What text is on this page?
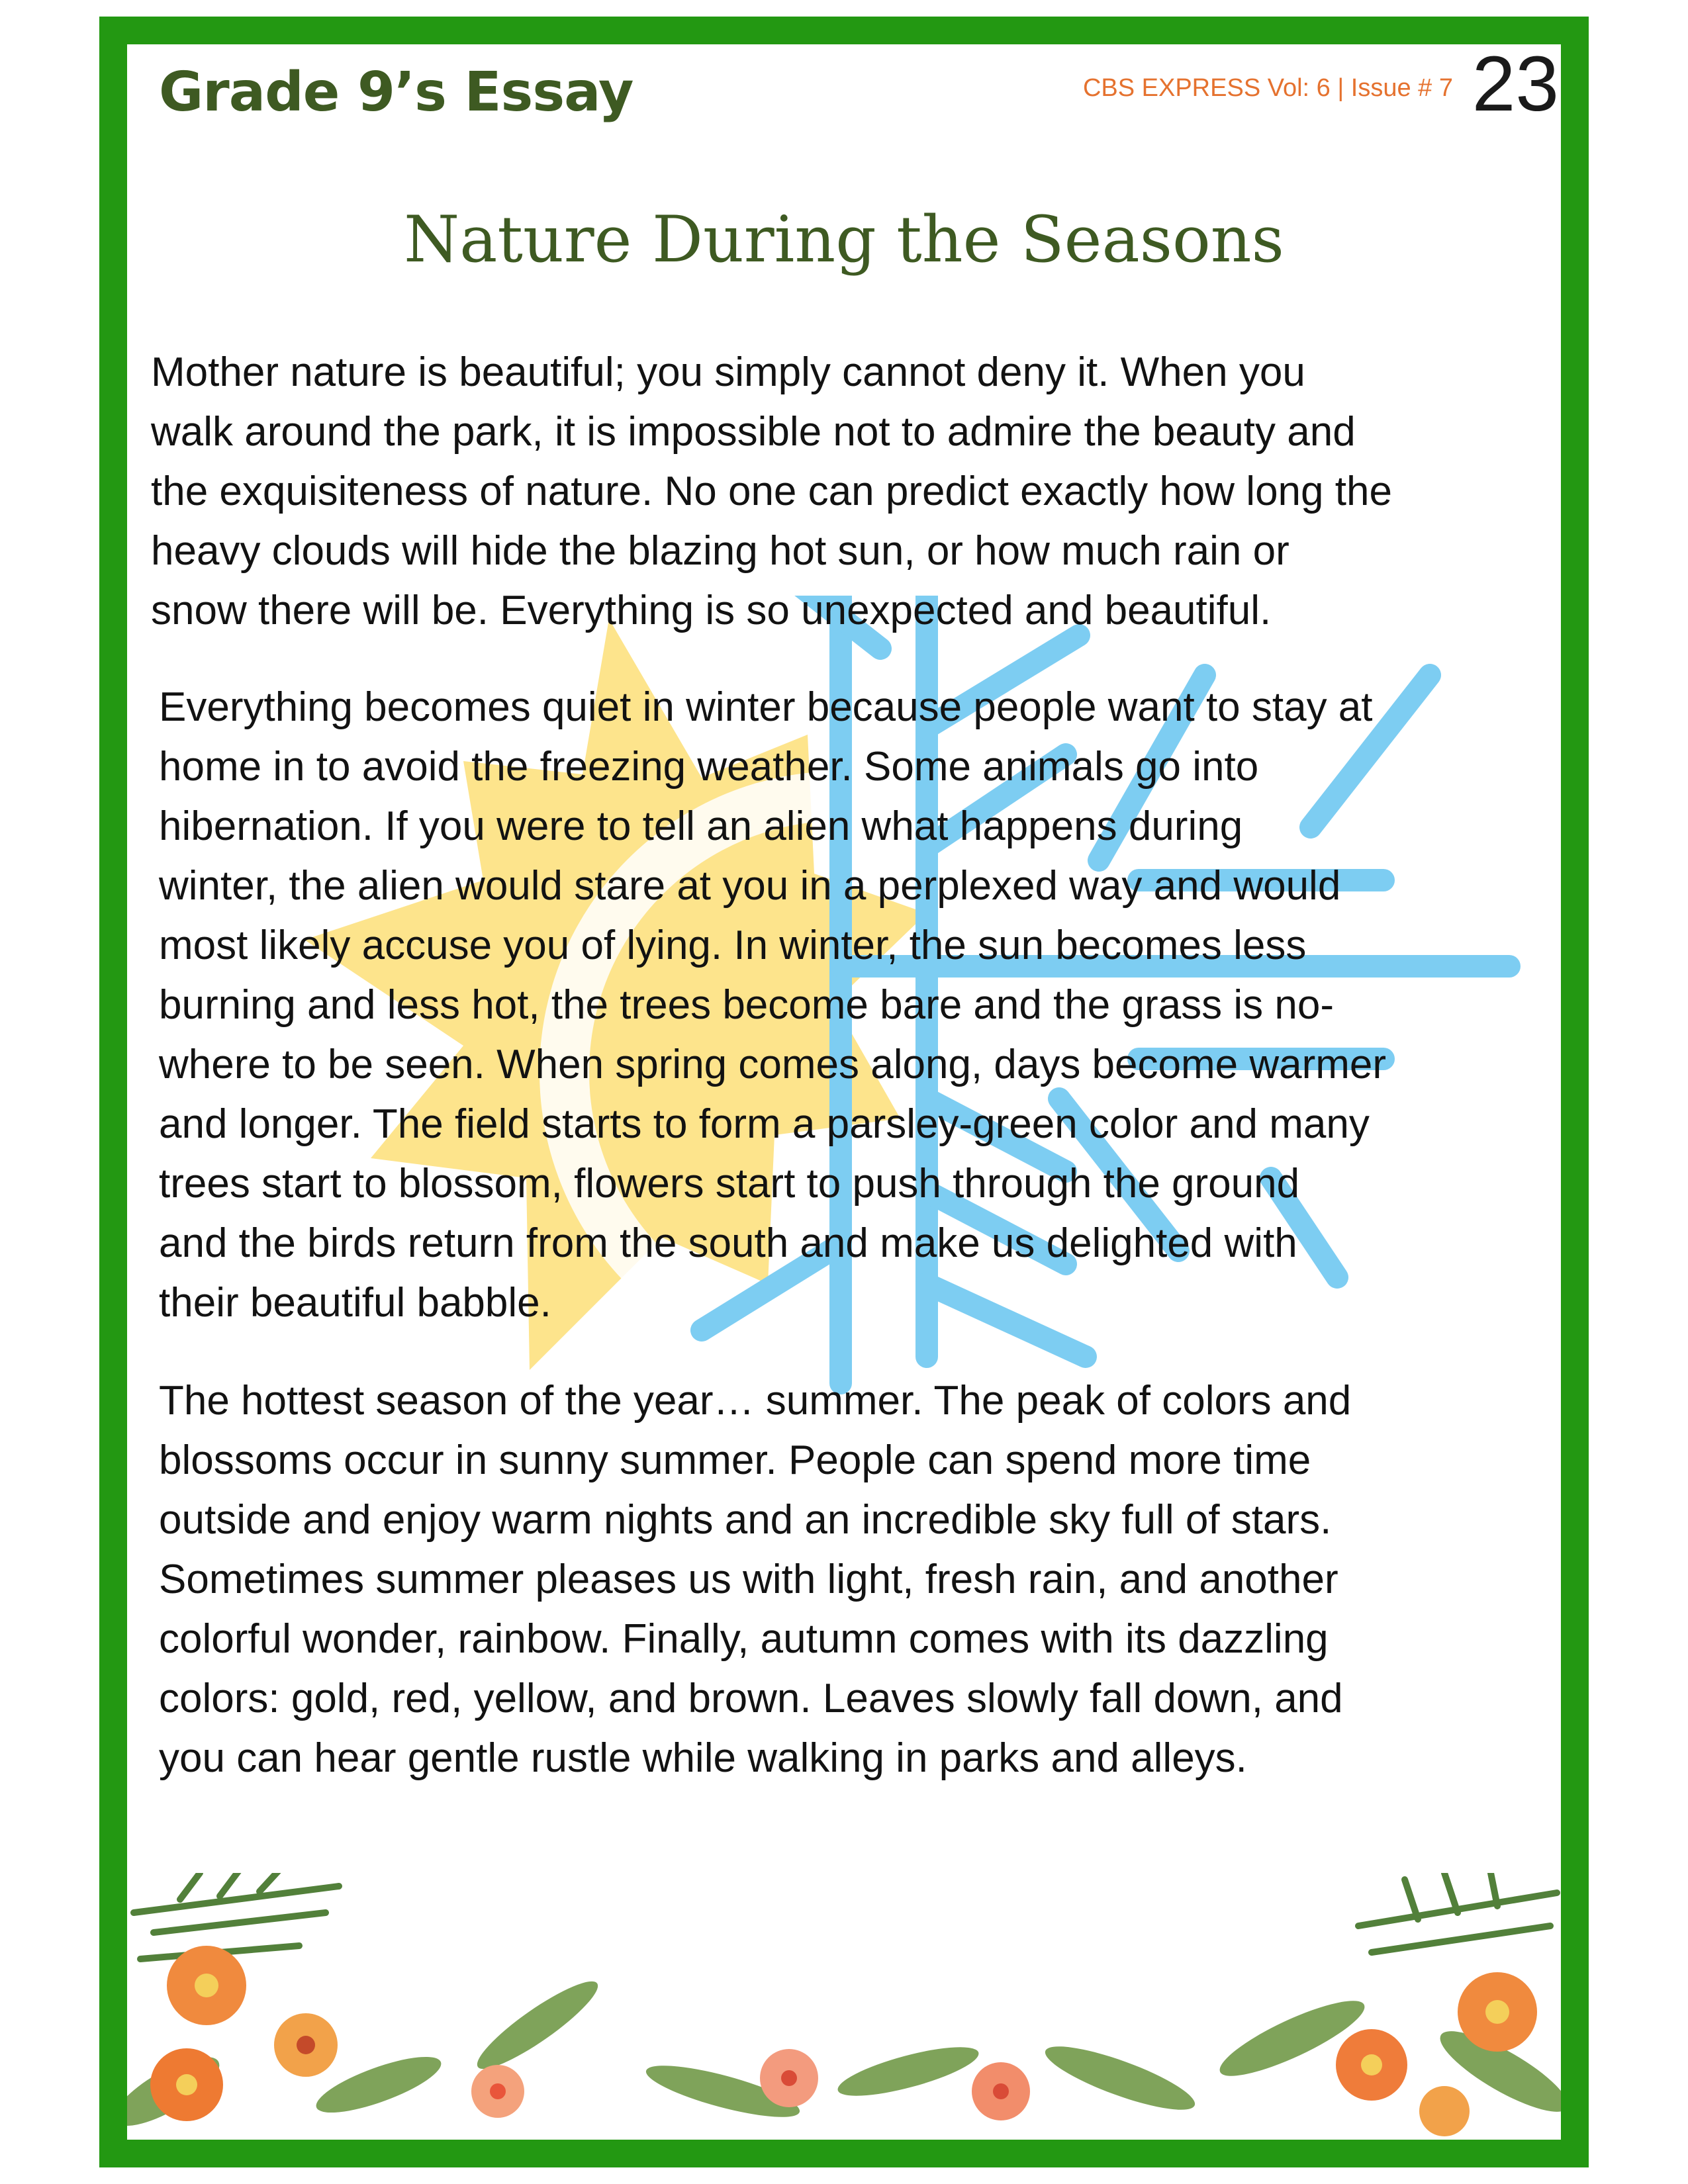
Grade 9’s Essay	CBS EXPRESS Vol: 6 | Issue # 7 23
Nature During the Seasons

Mother nature is beautiful; you simply cannot deny it. When you
walk around the park, it is impossible not to admire the beauty and
the exquisiteness of nature. No one can predict exactly how long the
heavy clouds will hide the blazing hot sun, or how much rain or
snow there will be. Everything is so unexpected and beautiful.

Everything becomes quiet in winter because people want to stay at
home in to avoid the freezing weather. Some animals go into
hibernation. If you were to tell an alien what happens during
winter, the alien would stare at you in a perplexed way and would
most likely accuse you of lying. In winter, the sun becomes less
burning and less hot, the trees become bare and the grass is no-
where to be seen. When spring comes along, days become warmer
and longer. The field starts to form a parsley-green color and many
trees start to blossom, flowers start to push through the ground
and the birds return from the south and make us delighted with
their beautiful babble.

The hottest season of the year… summer. The peak of colors and
blossoms occur in sunny summer. People can spend more time
outside and enjoy warm nights and an incredible sky full of stars.
Sometimes summer pleases us with light, fresh rain, and another
colorful wonder, rainbow. Finally, autumn comes with its dazzling
colors: gold, red, yellow, and brown. Leaves slowly fall down, and
you can hear gentle rustle while walking in parks and alleys.
